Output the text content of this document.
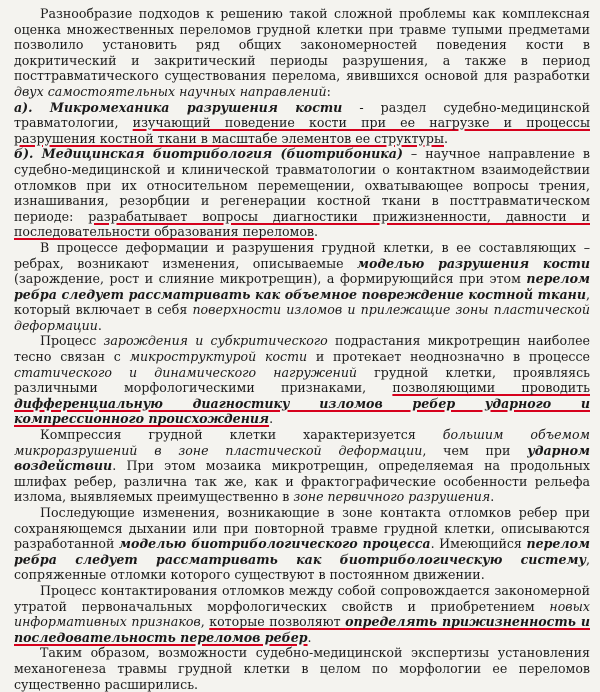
Разнообразие подходов к решению такой сложной проблемы как комплексная оценка множественных переломов грудной клетки при травме тупыми предметами позволило установить ряд общих закономерностей поведения кости в докритический и закритический периоды разрушения, а также в период посттравматического существования перелома, явившихся основой для разработки двух самостоятельных научных направлений:

а). Микромеханика разрушения кости - раздел судебно-медицинской травматологии, изучающий поведение кости при ее нагрузке и процессы разрушения костной ткани в масштабе элементов ее структуры.

б). Медицинская биотрибология (биотрибоника) – научное направление в судебно-медицинской и клинической травматологии о контактном взаимодействии отломков при их относительном перемещении, охватывающее вопросы трения, изнашивания, резорбции и регенерации костной ткани в посттравматическом периоде: разрабатывает вопросы диагностики прижизненности, давности и последовательности образования переломов.

В процессе деформации и разрушения грудной клетки, в ее составляющих – ребрах, возникают изменения, описываемые моделью разрушения кости (зарождение, рост и слияние микротрещин), а формирующийся при этом перелом ребра следует рассматривать как объемное повреждение костной ткани, который включает в себя поверхности изломов и прилежащие зоны пластической деформации.

Процесс зарождения и субкритического подрастания микротрещин наиболее тесно связан с микроструктурой кости и протекает неоднозначно в процессе статического и динамического нагружений грудной клетки, проявляясь различными морфологическими признаками, позволяющими проводить дифференциальную диагностику изломов ребер ударного и компрессионного происхождения.

Компрессия грудной клетки характеризуется большим объемом микроразрушений в зоне пластической деформации, чем при ударном воздействии. При этом мозаика микротрещин, определяемая на продольных шлифах ребер, различна так же, как и фрактографические особенности рельефа излома, выявляемых преимущественно в зоне первичного разрушения.

Последующие изменения, возникающие в зоне контакта отломков ребер при сохраняющемся дыхании или при повторной травме грудной клетки, описываются разработанной моделью биотрибологического процесса. Имеющийся перелом ребра следует рассматривать как биотрибологическую систему, сопряженные отломки которого существуют в постоянном движении.

Процесс контактирования отломков между собой сопровождается закономерной утратой первоначальных морфологических свойств и приобретением новых информативных признаков, которые позволяют определять прижизненность и последовательность переломов ребер.

Таким образом, возможности судебно-медицинской экспертизы установления механогенеза травмы грудной клетки в целом по морфологии ее переломов существенно расширились.
